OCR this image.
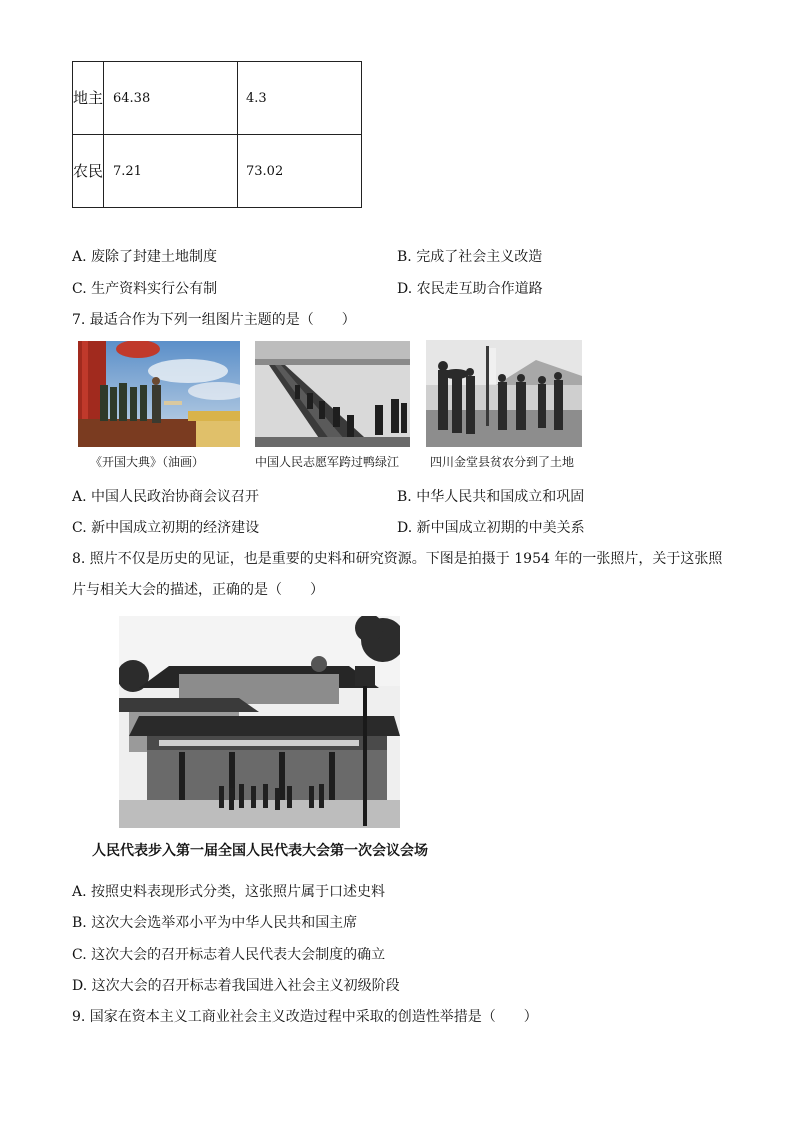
地主	64.38	4.3
农民	7.21	73.02
A. 废除了封建土地制度	B. 完成了社会主义改造
C. 生产资料实行公有制	D. 农民走互助合作道路
7. 最适合作为下列一组图片主题的是（　　）
《开国大典》（油画）	中国人民志愿军跨过鸭绿江	四川金堂县贫农分到了土地
A. 中国人民政治协商会议召开	B. 中华人民共和国成立和巩固
C. 新中国成立初期的经济建设	D. 新中国成立初期的中美关系
8. 照片不仅是历史的见证，也是重要的史料和研究资源。下图是拍摄于 1954 年的一张照片，关于这张照
片与相关大会的描述，正确的是（　　）
人民代表步入第一届全国人民代表大会第一次会议会场
A. 按照史料表现形式分类，这张照片属于口述史料
B. 这次大会选举邓小平为中华人民共和国主席
C. 这次大会的召开标志着人民代表大会制度的确立
D. 这次大会的召开标志着我国进入社会主义初级阶段
9. 国家在资本主义工商业社会主义改造过程中采取的创造性举措是（　　）
